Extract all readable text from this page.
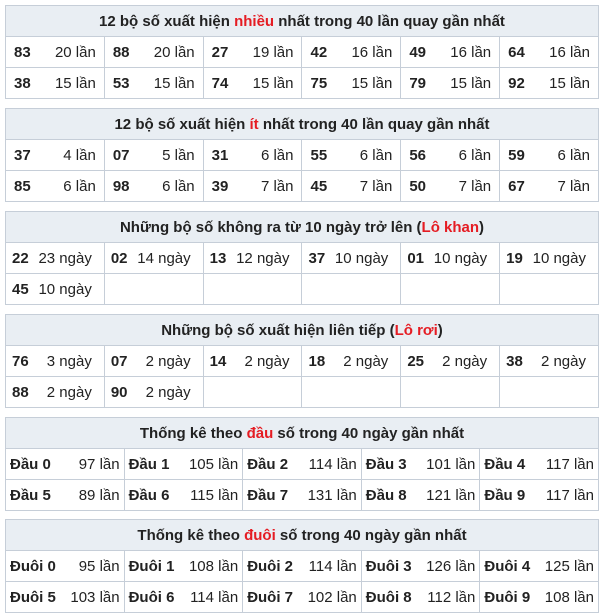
12 bộ số xuất hiện nhiều nhất trong 40 lần quay gần nhất					

83 20 lần	88 20 lần	27 19 lần	42 16 lần	49 16 lần	64 16 lần

38 15 lần	53 15 lần	74 15 lần	75 15 lần	79 15 lần	92 15 lần
12 bộ số xuất hiện ít nhất trong 40 lần quay gần nhất					

37 4 lần	07 5 lần	31 6 lần	55 6 lần	56 6 lần	59 6 lần

85 6 lần	98 6 lần	39 7 lần	45 7 lần	50 7 lần	67 7 lần
Những bộ số không ra từ 10 ngày trở lên (Lô khan)					

22 23 ngày	02 14 ngày	13 12 ngày	37 10 ngày	01 10 ngày	19 10 ngày

45 10 ngày					

Những bộ số xuất hiện liên tiếp (Lô rơi)					

76 3 ngày	07 2 ngày	14 2 ngày	18 2 ngày	25 2 ngày	38 2 ngày

88 2 ngày	90 2 ngày				

Thống kê theo đầu số trong 40 ngày gần nhất				

Đầu 0 97 lần	Đầu 1 105 lần	Đầu 2 114 lần	Đầu 3 101 lần	Đầu 4 117 lần

Đầu 5 89 lần	Đầu 6 115 lần	Đầu 7 131 lần	Đầu 8 121 lần	Đầu 9 117 lần
Thống kê theo đuôi số trong 40 ngày gần nhất				

Đuôi 0 95 lần	Đuôi 1 108 lần	Đuôi 2 114 lần	Đuôi 3 126 lần	Đuôi 4 125 lần

Đuôi 5 103 lần	Đuôi 6 114 lần	Đuôi 7 102 lần	Đuôi 8 112 lần	Đuôi 9 108 lần
